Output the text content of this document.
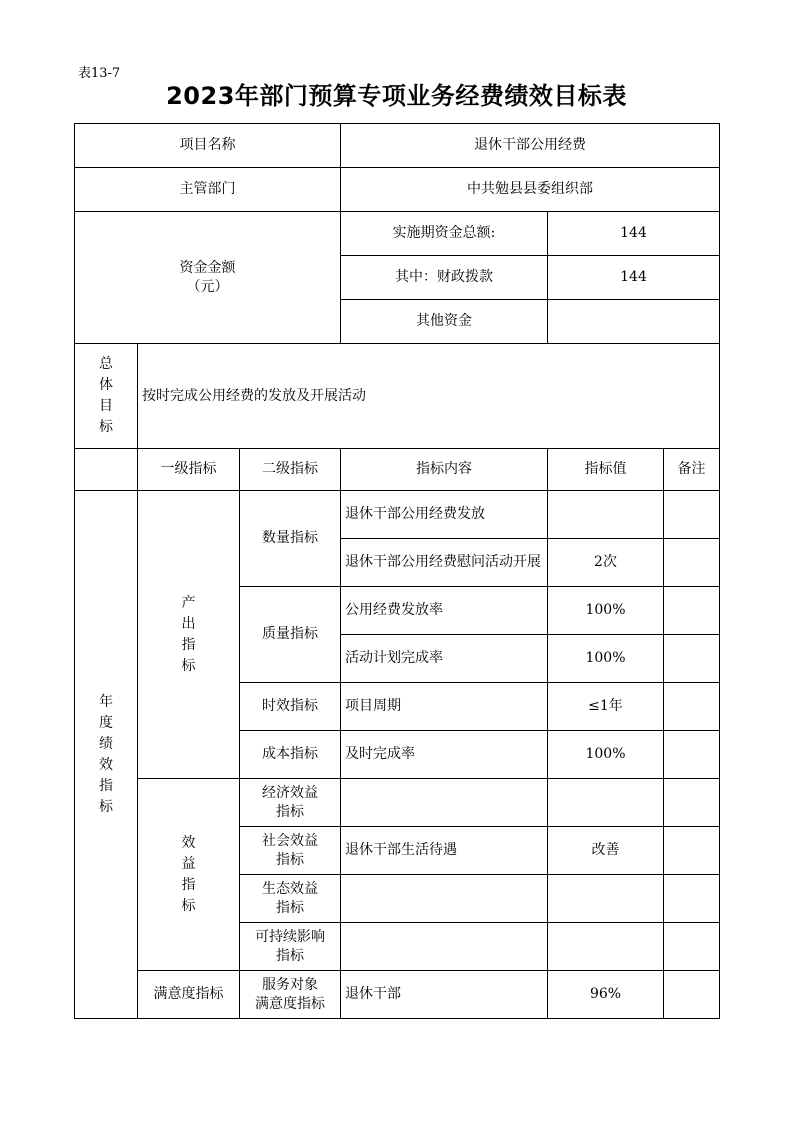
表13-7
2023年部门预算专项业务经费绩效目标表
项目名称			退休干部公用经费		
主管部门			中共勉县县委组织部		
资金金额
（元）			实施期资金总额:	144	
			其中：财政拨款	144	
			其他资金		
总体目标	按时完成公用经费的发放及开展活动				
	一级指标	二级指标	指标内容	指标值	备注
年度绩效指标	产出指标	数量指标	退休干部公用经费发放		
			退休干部公用经费慰问活动开展	2次	
		质量指标	公用经费发放率	100%	
			活动计划完成率	100%	
		时效指标	项目周期	≤1年	
		成本指标	及时完成率	100%	
	效益指标	经济效益
指标			
		社会效益
指标	退休干部生活待遇	改善	
		生态效益
指标			
		可持续影响
指标			
	满意度指标	服务对象
满意度指标	退休干部	96%	
